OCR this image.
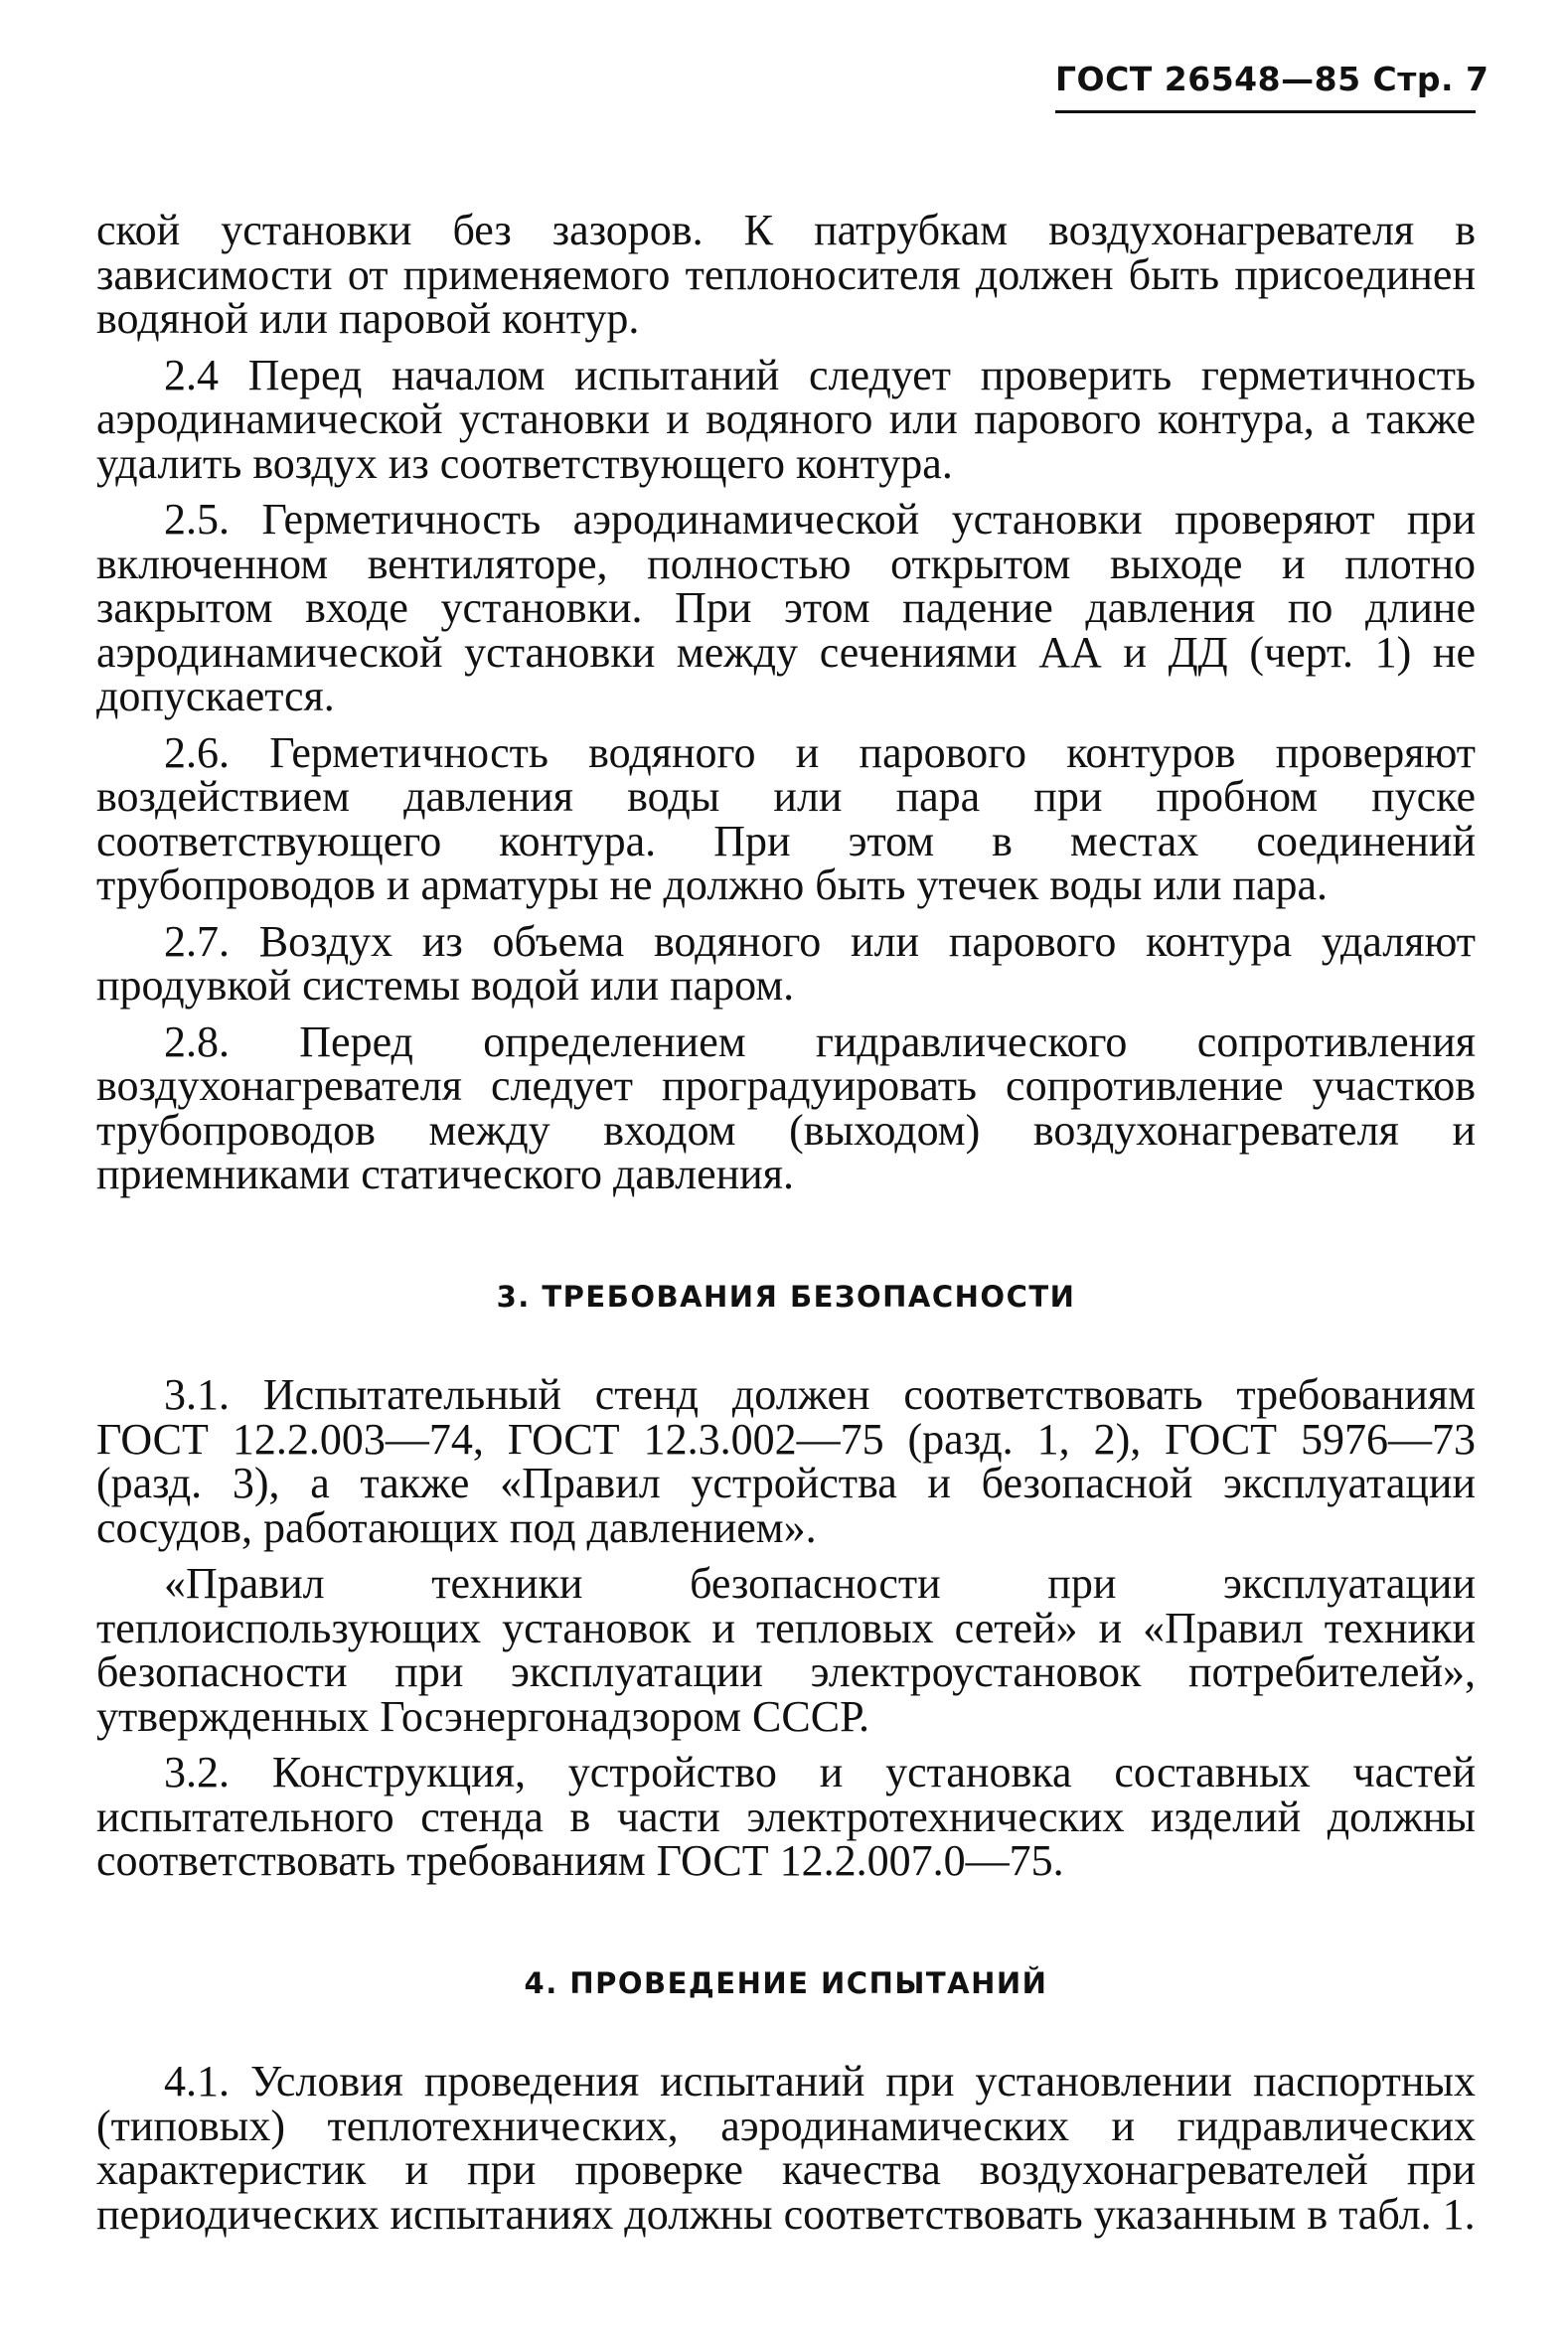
ГОСТ 26548—85 Стр. 7

ской установки без зазоров. К патрубкам воздухонагревателя в зависимости от применяемого теплоносителя должен быть присоединен водяной или паровой контур.

2.4 Перед началом испытаний следует проверить герметичность аэродинамической установки и водяного или парового контура, а также удалить воздух из соответствующего контура.

2.5. Герметичность аэродинамической установки проверяют при включенном вентиляторе, полностью открытом выходе и плотно закрытом входе установки. При этом падение давления по длине аэродинамической установки между сечениями АА и ДД (черт. 1) не допускается.

2.6. Герметичность водяного и парового контуров проверяют воздействием давления воды или пара при пробном пуске соответствующего контура. При этом в местах соединений трубопроводов и арматуры не должно быть утечек воды или пара.

2.7. Воздух из объема водяного или парового контура удаляют продувкой системы водой или паром.

2.8. Перед определением гидравлического сопротивления воздухонагревателя следует проградуировать сопротивление участков трубопроводов между входом (выходом) воздухонагревателя и приемниками статического давления.

3. ТРЕБОВАНИЯ БЕЗОПАСНОСТИ

3.1. Испытательный стенд должен соответствовать требованиям ГОСТ 12.2.003—74, ГОСТ 12.3.002—75 (разд. 1, 2), ГОСТ 5976—73 (разд. 3), а также «Правил устройства и безопасной эксплуатации сосудов, работающих под давлением».

«Правил техники безопасности при эксплуатации теплоиспользующих установок и тепловых сетей» и «Правил техники безопасности при эксплуатации электроустановок потребителей», утвержденных Госэнергонадзором СССР.

3.2. Конструкция, устройство и установка составных частей испытательного стенда в части электротехнических изделий должны соответствовать требованиям ГОСТ 12.2.007.0—75.

4. ПРОВЕДЕНИЕ ИСПЫТАНИЙ

4.1. Условия проведения испытаний при установлении паспортных (типовых) теплотехнических, аэродинамических и гидравлических характеристик и при проверке качества воздухонагревателей при периодических испытаниях должны соответствовать указанным в табл. 1.
